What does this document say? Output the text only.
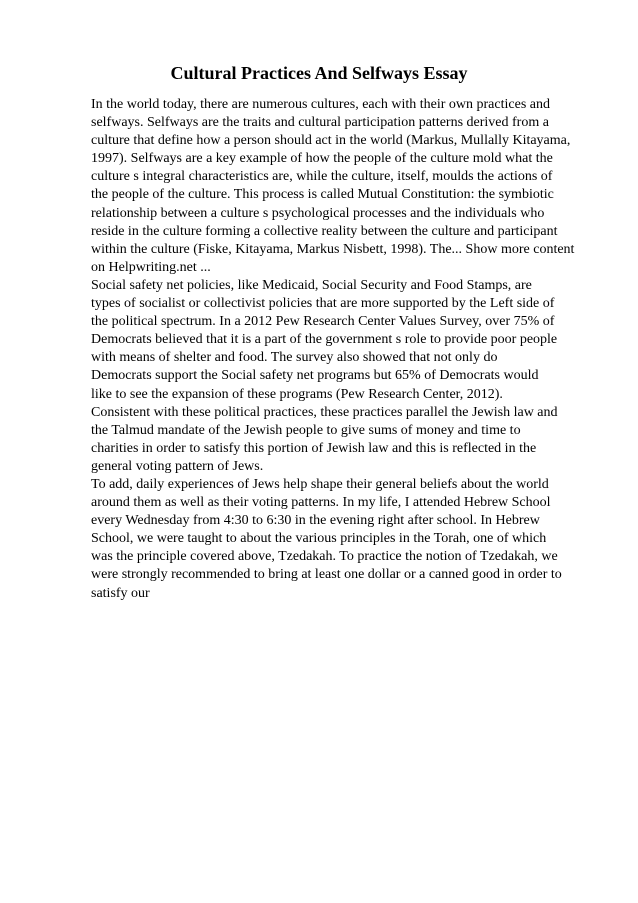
Cultural Practices And Selfways Essay
In the world today, there are numerous cultures, each with their own practices and
selfways. Selfways are the traits and cultural participation patterns derived from a
culture that define how a person should act in the world (Markus, Mullally Kitayama,
1997). Selfways are a key example of how the people of the culture mold what the
culture s integral characteristics are, while the culture, itself, moulds the actions of
the people of the culture. This process is called Mutual Constitution: the symbiotic
relationship between a culture s psychological processes and the individuals who
reside in the culture forming a collective reality between the culture and participant
within the culture (Fiske, Kitayama, Markus Nisbett, 1998). The... Show more content
on Helpwriting.net ...
Social safety net policies, like Medicaid, Social Security and Food Stamps, are
types of socialist or collectivist policies that are more supported by the Left side of
the political spectrum. In a 2012 Pew Research Center Values Survey, over 75% of
Democrats believed that it is a part of the government s role to provide poor people
with means of shelter and food. The survey also showed that not only do
Democrats support the Social safety net programs but 65% of Democrats would
like to see the expansion of these programs (Pew Research Center, 2012).
Consistent with these political practices, these practices parallel the Jewish law and
the Talmud mandate of the Jewish people to give sums of money and time to
charities in order to satisfy this portion of Jewish law and this is reflected in the
general voting pattern of Jews.
To add, daily experiences of Jews help shape their general beliefs about the world
around them as well as their voting patterns. In my life, I attended Hebrew School
every Wednesday from 4:30 to 6:30 in the evening right after school. In Hebrew
School, we were taught to about the various principles in the Torah, one of which
was the principle covered above, Tzedakah. To practice the notion of Tzedakah, we
were strongly recommended to bring at least one dollar or a canned good in order to
satisfy our
